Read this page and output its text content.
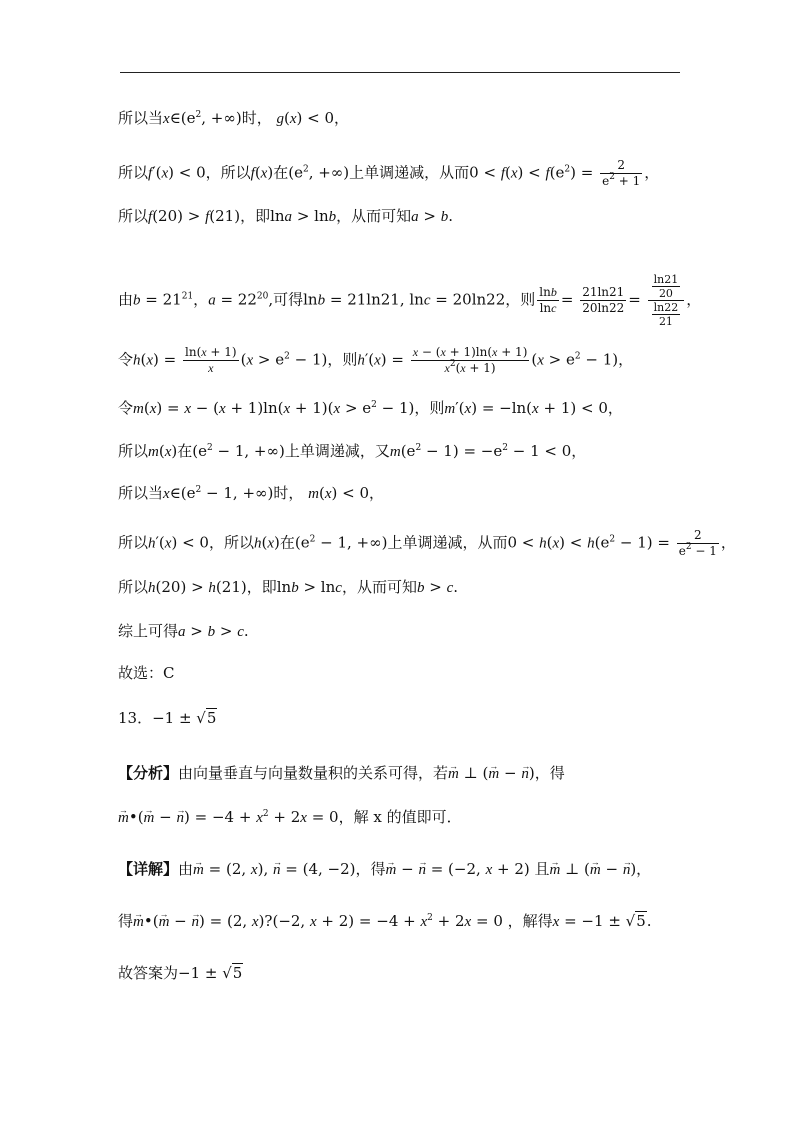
所以当$x\in(e^2$, +∞)时， g(x) < 0，
所以f′(x) < 0，所以f(x)在($e^2$, +∞)上单调递减，从而$0 < f(x) < f(e^2) = \frac{2}{e^2 + 1}$ ，
所以f(20) > f(21)，即lna > lnb，从而可知a > b.
由$b = 21^{21}$，$a = 22^{20}$,可得lnb = 21ln21, lnc = 20ln22，则 $\frac{\ln b}{\ln c} = \frac{21\ln 21}{20\ln 22} = \frac{\frac{\ln 21}{20}}{\frac{\ln 22}{21}}$ ，
令$h(x) = \frac{\ln(x + 1)}{x} (x > e^2 - 1)$，则$h'(x) = \frac{x - (x + 1)\ln(x + 1)}{x^2(x + 1)} (x > e^2 - 1)$，
令$m(x) = x - (x + 1)\ln(x + 1)(x > e^2 - 1)$，则m′(x) = −ln(x + 1) < 0，
所以m(x)在($e^2 - 1$, +∞)上单调递减，又$m(e^2 - 1) = -e^2 - 1 < 0$，
所以当$x\in(e^2 - 1$, +∞)时， m(x) < 0，
所以h′(x) < 0，所以h(x)在($e^2 - 1$, +∞)上单调递减，从而$0 < h(x) < h(e^2 - 1) = \frac{2}{e^2 - 1}$ ，
所以h(20) > h(21)，即lnb > lnc，从而可知b > c.
综上可得a > b > c.
故选：C
13．−1 ± √5
【分析】由向量垂直与向量数量积的关系可得，若→ m ⊥ (→ m − → n)，得
→ m•(→ m − → $n) = -4 + x^2 + 2x = 0$，解 x 的值即可．
【详解】由→ m = (2, x), → n = (4, −2)，得→ m − → n = (−2, x + 2) 且→ m ⊥ (→ m − → n)，
得→ m•(→ m − → n) = (2, x)?(−2, $x + 2) = -4 + x^2 + 2x = 0$ ，解得x = −1 ± √5.
故答案为−1 ± √5
